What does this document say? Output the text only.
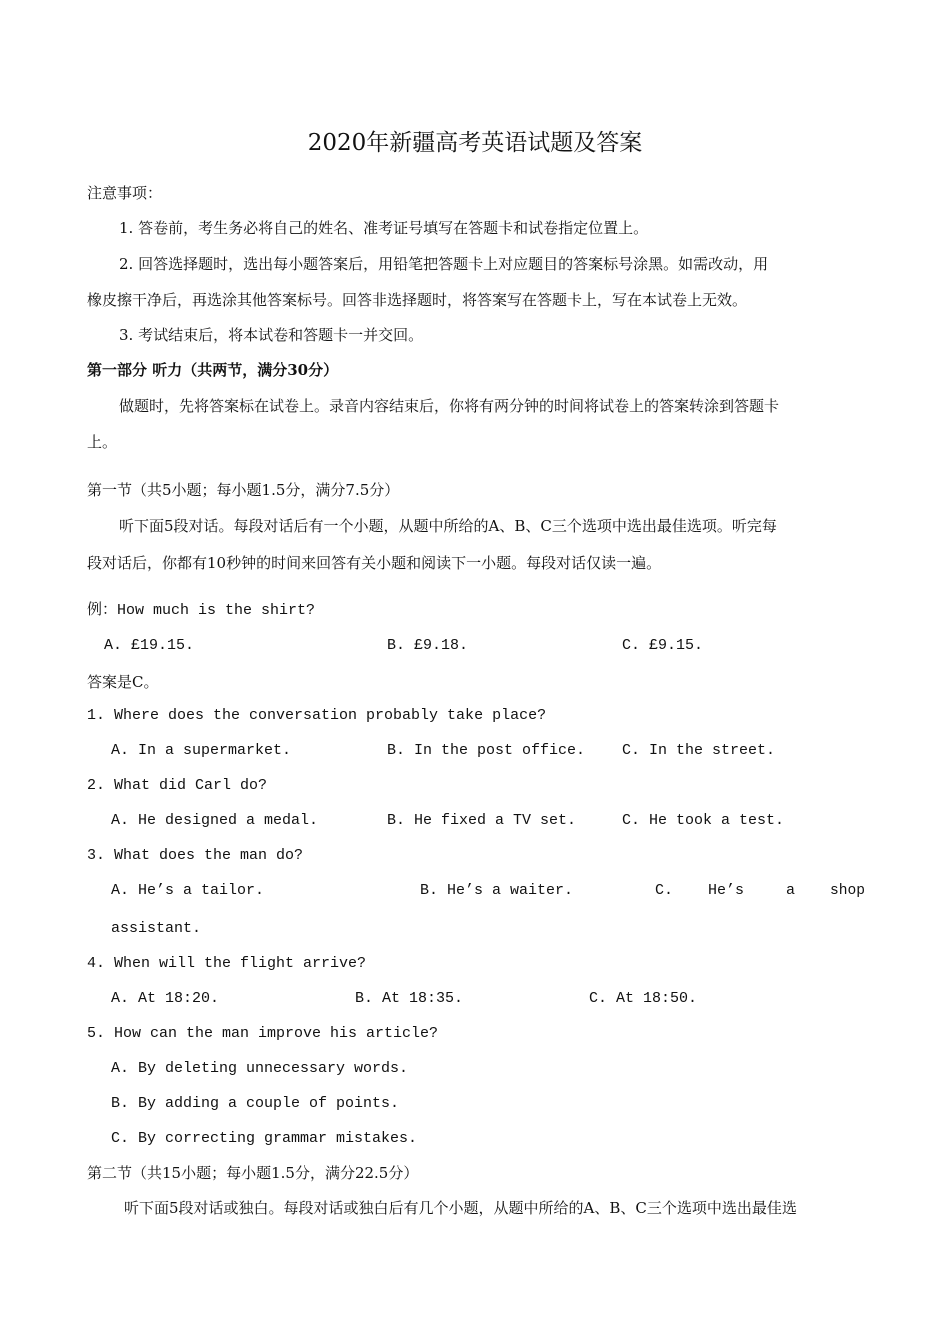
2020年新疆高考英语试题及答案
注意事项：
1. 答卷前，考生务必将自己的姓名、准考证号填写在答题卡和试卷指定位置上。
2. 回答选择题时，选出每小题答案后，用铅笔把答题卡上对应题目的答案标号涂黑。如需改动，用
橡皮擦干净后，再选涂其他答案标号。回答非选择题时，将答案写在答题卡上，写在本试卷上无效。
3. 考试结束后，将本试卷和答题卡一并交回。
第一部分 听力（共两节，满分30分）
做题时，先将答案标在试卷上。录音内容结束后，你将有两分钟的时间将试卷上的答案转涂到答题卡
上。
第一节（共5小题；每小题1.5分，满分7.5分）
听下面5段对话。每段对话后有一个小题，从题中所给的A、B、C三个选项中选出最佳选项。听完每
段对话后，你都有10秒钟的时间来回答有关小题和阅读下一小题。每段对话仅读一遍。
例：How much is the shirt?
A. £19.15.	B. £9.18.	C. £9.15.
答案是C。
1. Where does the conversation probably take place?
A. In a supermarket.	B. In the post office. C. In the street.
2. What did Carl do?
A. He designed a medal.	B. He fixed a TV set.	C. He took a test.
3. What does the man do?
A. He’s a tailor.	B. He’s a waiter.	C. He’s	a shop
assistant.
4. When will the flight arrive?
A. At 18:20.	B. At 18:35.	C. At 18:50.
5. How can the man improve his article?
A. By deleting unnecessary words.
B. By adding a couple of points.
C. By correcting grammar mistakes.
第二节（共15小题；每小题1.5分，满分22.5分）
听下面5段对话或独白。每段对话或独白后有几个小题，从题中所给的A、B、C三个选项中选出最佳选
